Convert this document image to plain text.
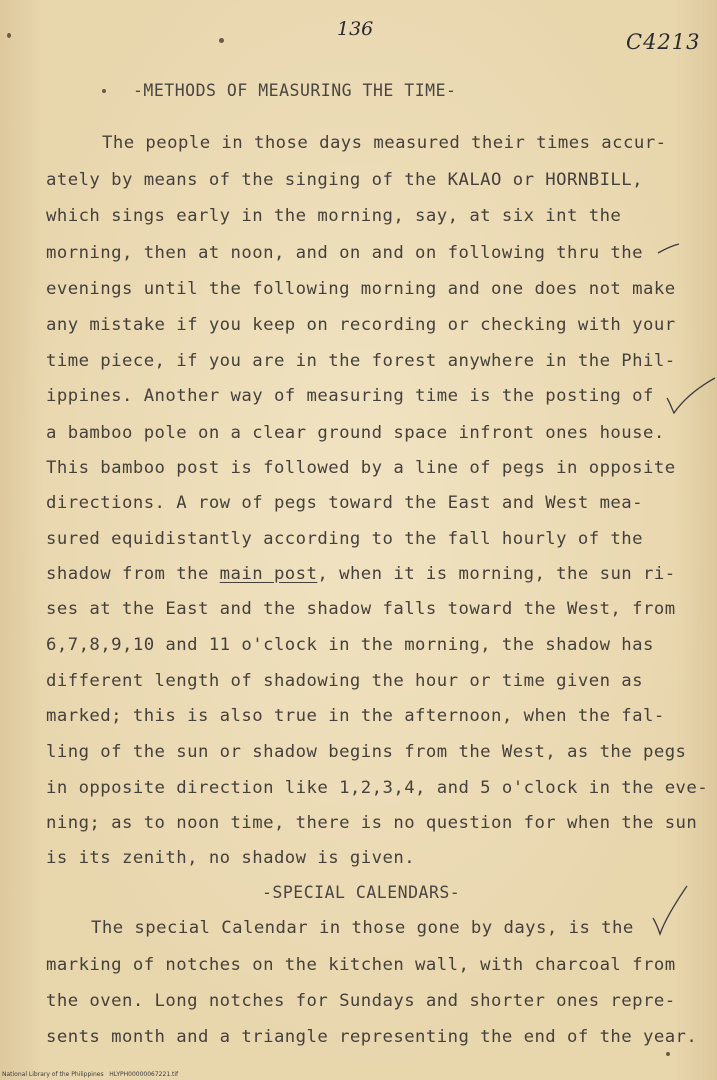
136
C4213
-METHODS OF MEASURING THE TIME-
The people in those days measured their times accur-
ately by means of the singing of the KALAO or HORNBILL,
which sings early in the morning, say, at six int the
morning, then at noon, and on and on following thru the
evenings until the following morning and one does not make
any mistake if you keep on recording or checking with your
time piece, if you are in the forest anywhere in the Phil-
ippines. Another way of measuring time is the posting of
a bamboo pole on a clear ground space infront ones house.
This bamboo post is followed by a line of pegs in opposite
directions. A row of pegs toward the East and West mea-
sured equidistantly according to the fall hourly of the
shadow from the main post, when it is morning, the sun ri-
ses at the East and the shadow falls toward the West, from
6,7,8,9,10 and 11 o'clock in the morning, the shadow has
different length of shadowing the hour or time given as
marked; this is also true in the afternoon, when the fal-
ling of the sun or shadow begins from the West, as the pegs
in opposite direction like 1,2,3,4, and 5 o'clock in the eve-
ning; as to noon time, there is no question for when the sun
is its zenith, no shadow is given.
-SPECIAL CALENDARS-
The special Calendar in those gone by days, is the
marking of notches on the kitchen wall, with charcoal from
the oven. Long notches for Sundays and shorter ones repre-
sents month and a triangle representing the end of the year.
National Library of the Philippines   HLYPH00000067221.tif
